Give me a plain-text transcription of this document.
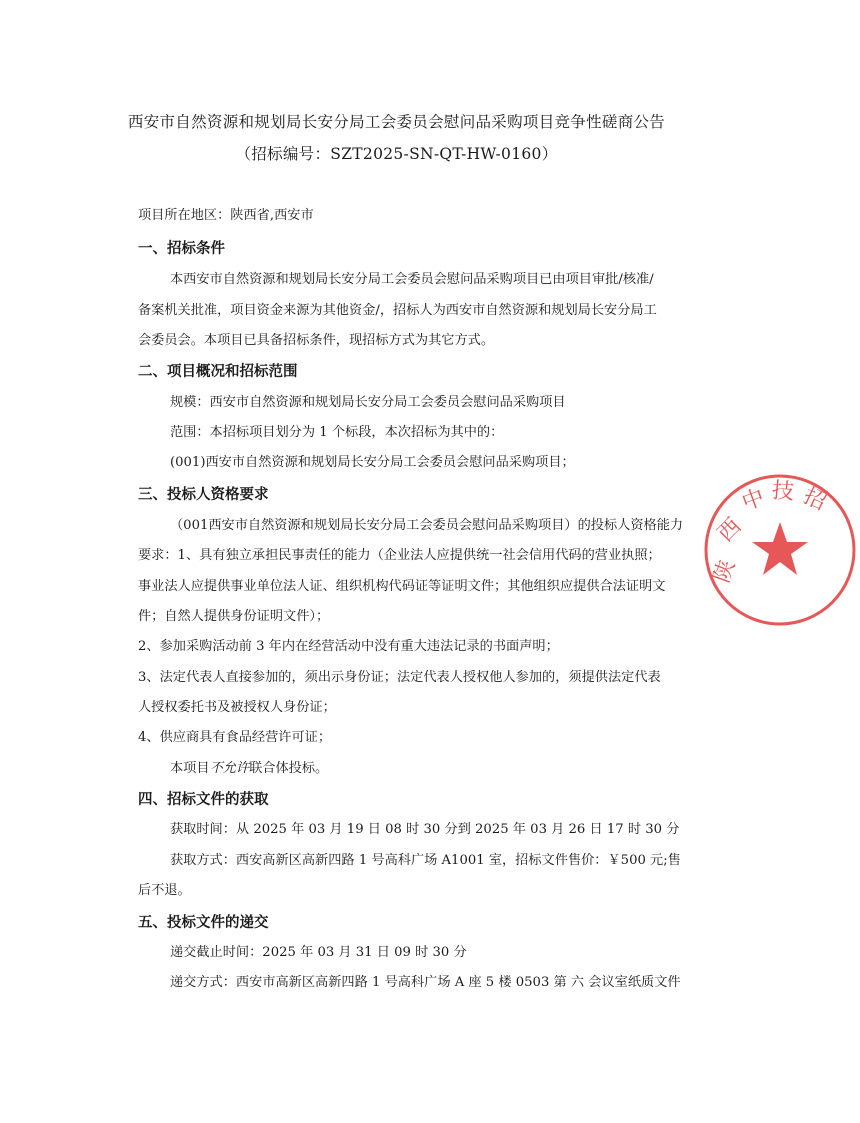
西安市自然资源和规划局长安分局工会委员会慰问品采购项目竞争性磋商公告
（招标编号：SZT2025-SN-QT-HW-0160）
项目所在地区：陕西省,西安市
一、招标条件
本西安市自然资源和规划局长安分局工会委员会慰问品采购项目已由项目审批/核准/
备案机关批准，项目资金来源为其他资金/，招标人为西安市自然资源和规划局长安分局工
会委员会。本项目已具备招标条件，现招标方式为其它方式。
二、项目概况和招标范围
规模：西安市自然资源和规划局长安分局工会委员会慰问品采购项目
范围：本招标项目划分为 1 个标段，本次招标为其中的：
(001)西安市自然资源和规划局长安分局工会委员会慰问品采购项目；
三、投标人资格要求
（001西安市自然资源和规划局长安分局工会委员会慰问品采购项目）的投标人资格能力
要求：1、具有独立承担民事责任的能力（企业法人应提供统一社会信用代码的营业执照；
事业法人应提供事业单位法人证、组织机构代码证等证明文件；其他组织应提供合法证明文
件；自然人提供身份证明文件）；
2、参加采购活动前 3 年内在经营活动中没有重大违法记录的书面声明；
3、法定代表人直接参加的，须出示身份证；法定代表人授权他人参加的，须提供法定代表
人授权委托书及被授权人身份证；
4、供应商具有食品经营许可证；
本项目不允许联合体投标。
四、招标文件的获取
获取时间：从 2025 年 03 月 19 日 08 时 30 分到 2025 年 03 月 26 日 17 时 30 分
获取方式：西安高新区高新四路 1 号高科广场 A1001 室，招标文件售价：￥500 元;售
后不退。
五、投标文件的递交
递交截止时间：2025 年 03 月 31 日 09 时 30 分
递交方式：西安市高新区高新四路 1 号高科广场 A 座 5 楼 0503 第 六 会议室纸质文件
陕
西
中 技 招
